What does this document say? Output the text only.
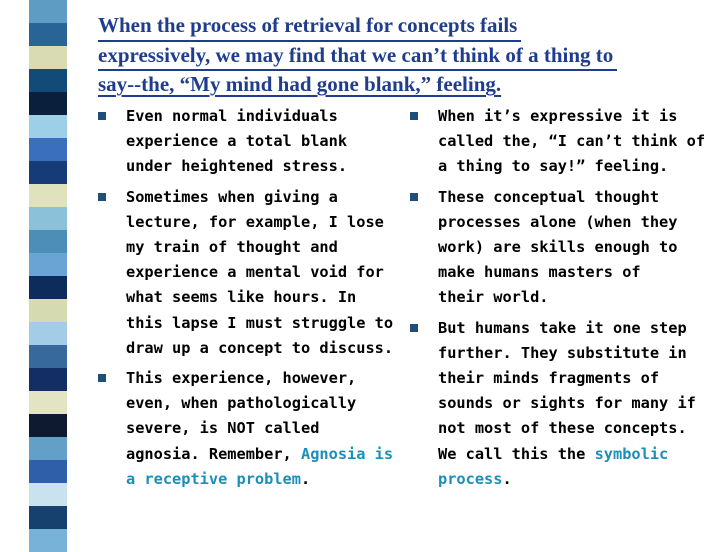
When the process of retrieval for concepts fails
expressively, we may find that we can’t think of a thing to
say--the, “My mind had gone blank,” feeling.
Even normal individuals
experience a total blank
under heightened stress.
Sometimes when giving a
lecture, for example, I lose
my train of thought and
experience a mental void for
what seems like hours. In
this lapse I must struggle to
draw up a concept to discuss.
This experience, however,
even, when pathologically
severe, is NOT called
agnosia. Remember, Agnosia is
a receptive problem.
When it’s expressive it is
called the, “I can’t think of
a thing to say!” feeling.
These conceptual thought
processes alone (when they
work) are skills enough to
make humans masters of
their world.
But humans take it one step
further. They substitute in
their minds fragments of
sounds or sights for many if
not most of these concepts.
We call this the symbolic
process.
